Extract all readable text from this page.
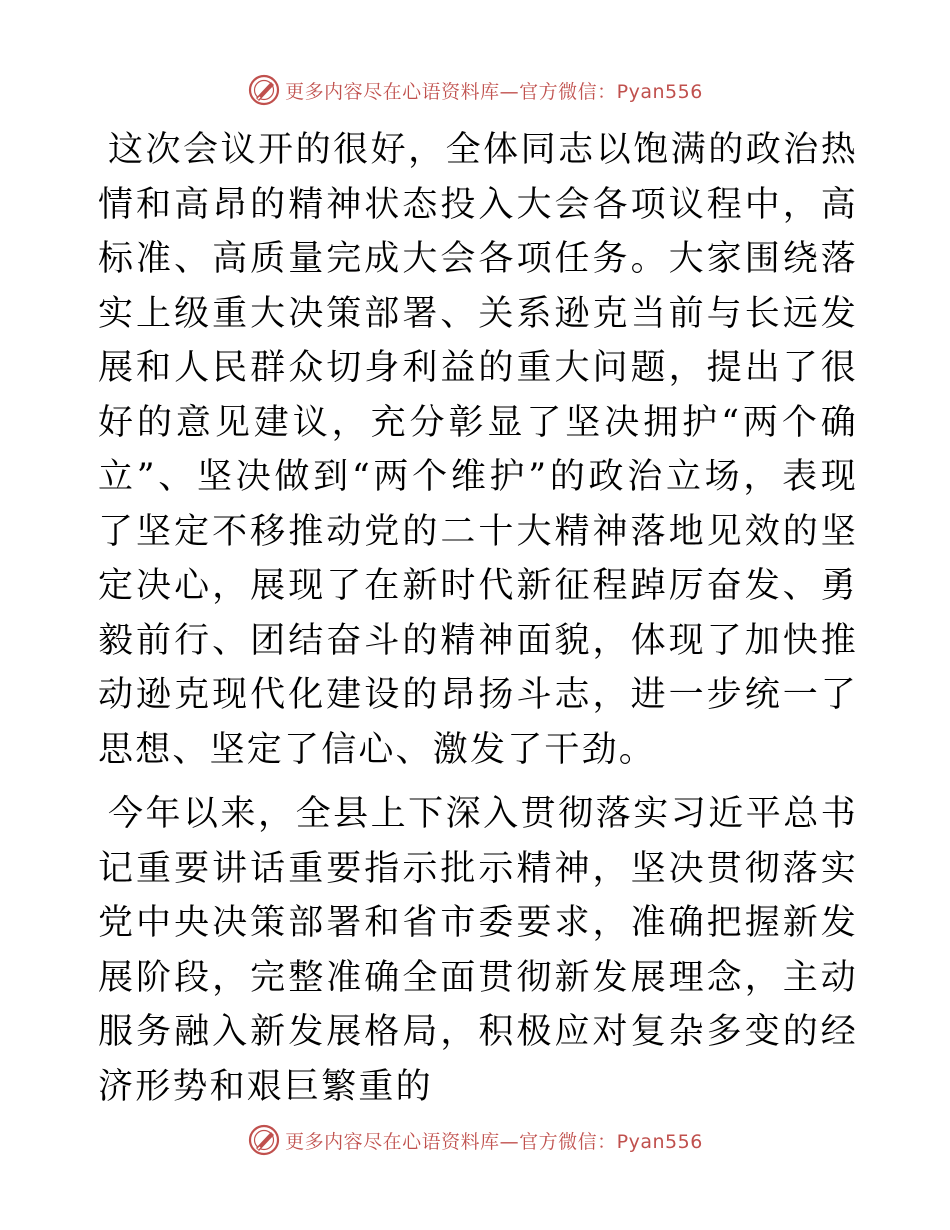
更多内容尽在心语资料库—官方微信：Pyan556

这次会议开的很好，全体同志以饱满的政治热情和高昂的精神状态投入大会各项议程中，高标准、高质量完成大会各项任务。大家围绕落实上级重大决策部署、关系逊克当前与长远发展和人民群众切身利益的重大问题，提出了很好的意见建议，充分彰显了坚决拥护“两个确立”、坚决做到“两个维护”的政治立场，表现了坚定不移推动党的二十大精神落地见效的坚定决心，展现了在新时代新征程踔厉奋发、勇毅前行、团结奋斗的精神面貌，体现了加快推动逊克现代化建设的昂扬斗志，进一步统一了思想、坚定了信心、激发了干劲。

今年以来，全县上下深入贯彻落实习近平总书记重要讲话重要指示批示精神，坚决贯彻落实党中央决策部署和省市委要求，准确把握新发展阶段，完整准确全面贯彻新发展理念，主动服务融入新发展格局，积极应对复杂多变的经济形势和艰巨繁重的

更多内容尽在心语资料库—官方微信：Pyan556
